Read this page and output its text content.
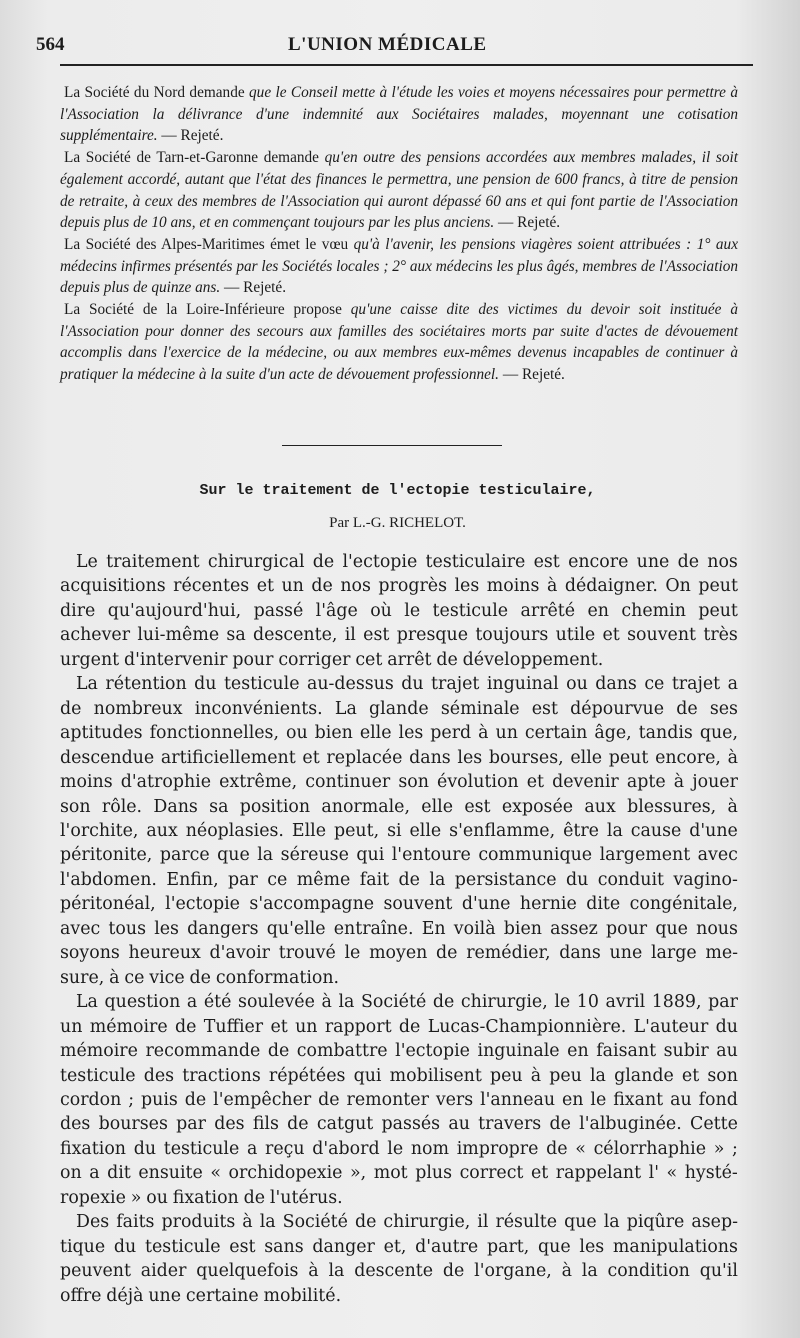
564	L'UNION MÉDICALE

La Société du Nord demande que le Conseil mette à l'étude les voies et moyens nécessaires pour permettre à l'Association la délivrance d'une indemnité aux Sociétaires malades, moyennant une cotisation supplémentaire. — Rejeté.

La Société de Tarn-et-Garonne demande qu'en outre des pensions accordées aux membres malades, il soit également accordé, autant que l'état des finances le permettra, une pension de 600 francs, à titre de pension de retraite, à ceux des membres de l'Association qui auront dépassé 60 ans et qui font partie de l'Association depuis plus de 10 ans, et en commençant toujours par les plus anciens. — Rejeté.

La Société des Alpes-Maritimes émet le vœu qu'à l'avenir, les pensions viagères soient attribuées : 1° aux médecins infirmes présentés par les Sociétés locales ; 2° aux médecins les plus âgés, membres de l'Association depuis plus de quinze ans. — Rejeté.

La Société de la Loire-Inférieure propose qu'une caisse dite des victimes du devoir soit instituée à l'Association pour donner des secours aux familles des sociétaires morts par suite d'actes de dévouement accomplis dans l'exercice de la médecine, ou aux membres eux-mêmes devenus incapables de continuer à pratiquer la médecine à la suite d'un acte de dévouement professionnel. — Rejeté.

Sur le traitement de l'ectopie testiculaire,
Par L.-G. RICHELOT.
Le traitement chirurgical de l'ectopie testiculaire est encore une de nos
acquisitions récentes et un de nos progrès les moins à dédaigner. On peut
dire qu'aujourd'hui, passé l'âge où le testicule arrêté en chemin peut
achever lui-même sa descente, il est presque toujours utile et souvent très
urgent d'intervenir pour corriger cet arrêt de développement.
La rétention du testicule au-dessus du trajet inguinal ou dans ce trajet a
de nombreux inconvénients. La glande séminale est dépourvue de ses
aptitudes fonctionnelles, ou bien elle les perd à un certain âge, tandis que,
descendue artificiellement et replacée dans les bourses, elle peut encore, à
moins d'atrophie extrême, continuer son évolution et devenir apte à jouer
son rôle. Dans sa position anormale, elle est exposée aux blessures, à
l'orchite, aux néoplasies. Elle peut, si elle s'enflamme, être la cause d'une
péritonite, parce que la séreuse qui l'entoure communique largement avec
l'abdomen. Enfin, par ce même fait de la persistance du conduit vagino-
péritonéal, l'ectopie s'accompagne souvent d'une hernie dite congénitale,
avec tous les dangers qu'elle entraîne. En voilà bien assez pour que nous
soyons heureux d'avoir trouvé le moyen de remédier, dans une large me-
sure, à ce vice de conformation.
La question a été soulevée à la Société de chirurgie, le 10 avril 1889, par
un mémoire de Tuffier et un rapport de Lucas-Championnière. L'auteur du
mémoire recommande de combattre l'ectopie inguinale en faisant subir au
testicule des tractions répétées qui mobilisent peu à peu la glande et son
cordon ; puis de l'empêcher de remonter vers l'anneau en le fixant au fond
des bourses par des fils de catgut passés au travers de l'albuginée. Cette
fixation du testicule a reçu d'abord le nom impropre de « célorrhaphie » ;
on a dit ensuite « orchidopexie », mot plus correct et rappelant l' « hysté-
ropexie » ou fixation de l'utérus.
Des faits produits à la Société de chirurgie, il résulte que la piqûre asep-
tique du testicule est sans danger et, d'autre part, que les manipulations
peuvent aider quelquefois à la descente de l'organe, à la condition qu'il
offre déjà une certaine mobilité.
